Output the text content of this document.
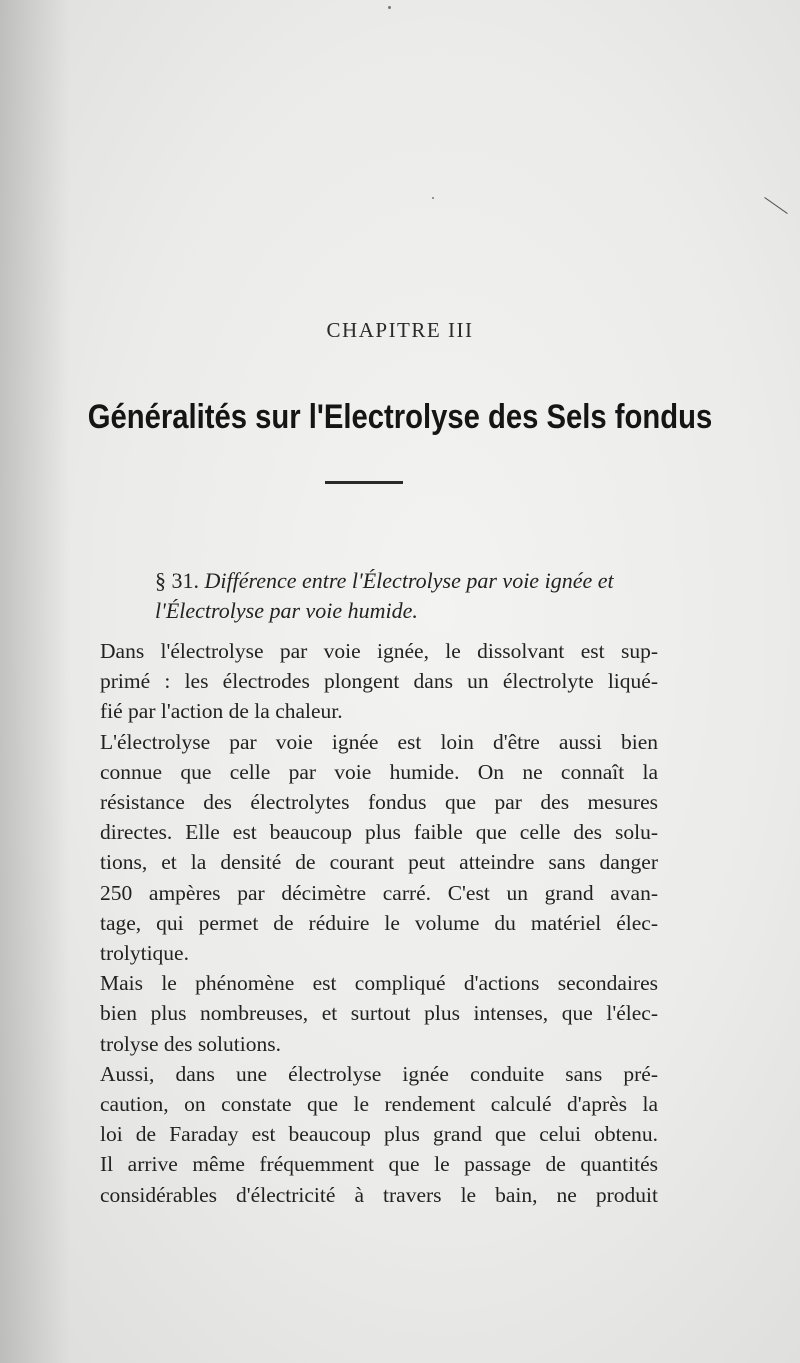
CHAPITRE III
Généralités sur l'Electrolyse des Sels fondus
§ 31. Différence entre l'Électrolyse par voie ignée et
l'Électrolyse par voie humide.
Dans l'électrolyse par voie ignée, le dissolvant est sup-
primé : les électrodes plongent dans un électrolyte liqué-
fié par l'action de la chaleur.
L'électrolyse par voie ignée est loin d'être aussi bien
connue que celle par voie humide. On ne connaît la
résistance des électrolytes fondus que par des mesures
directes. Elle est beaucoup plus faible que celle des solu-
tions, et la densité de courant peut atteindre sans danger
250 ampères par décimètre carré. C'est un grand avan-
tage, qui permet de réduire le volume du matériel élec-
trolytique.
Mais le phénomène est compliqué d'actions secondaires
bien plus nombreuses, et surtout plus intenses, que l'élec-
trolyse des solutions.
Aussi, dans une électrolyse ignée conduite sans pré-
caution, on constate que le rendement calculé d'après la
loi de Faraday est beaucoup plus grand que celui obtenu.
Il arrive même fréquemment que le passage de quantités
considérables d'électricité à travers le bain, ne produit
